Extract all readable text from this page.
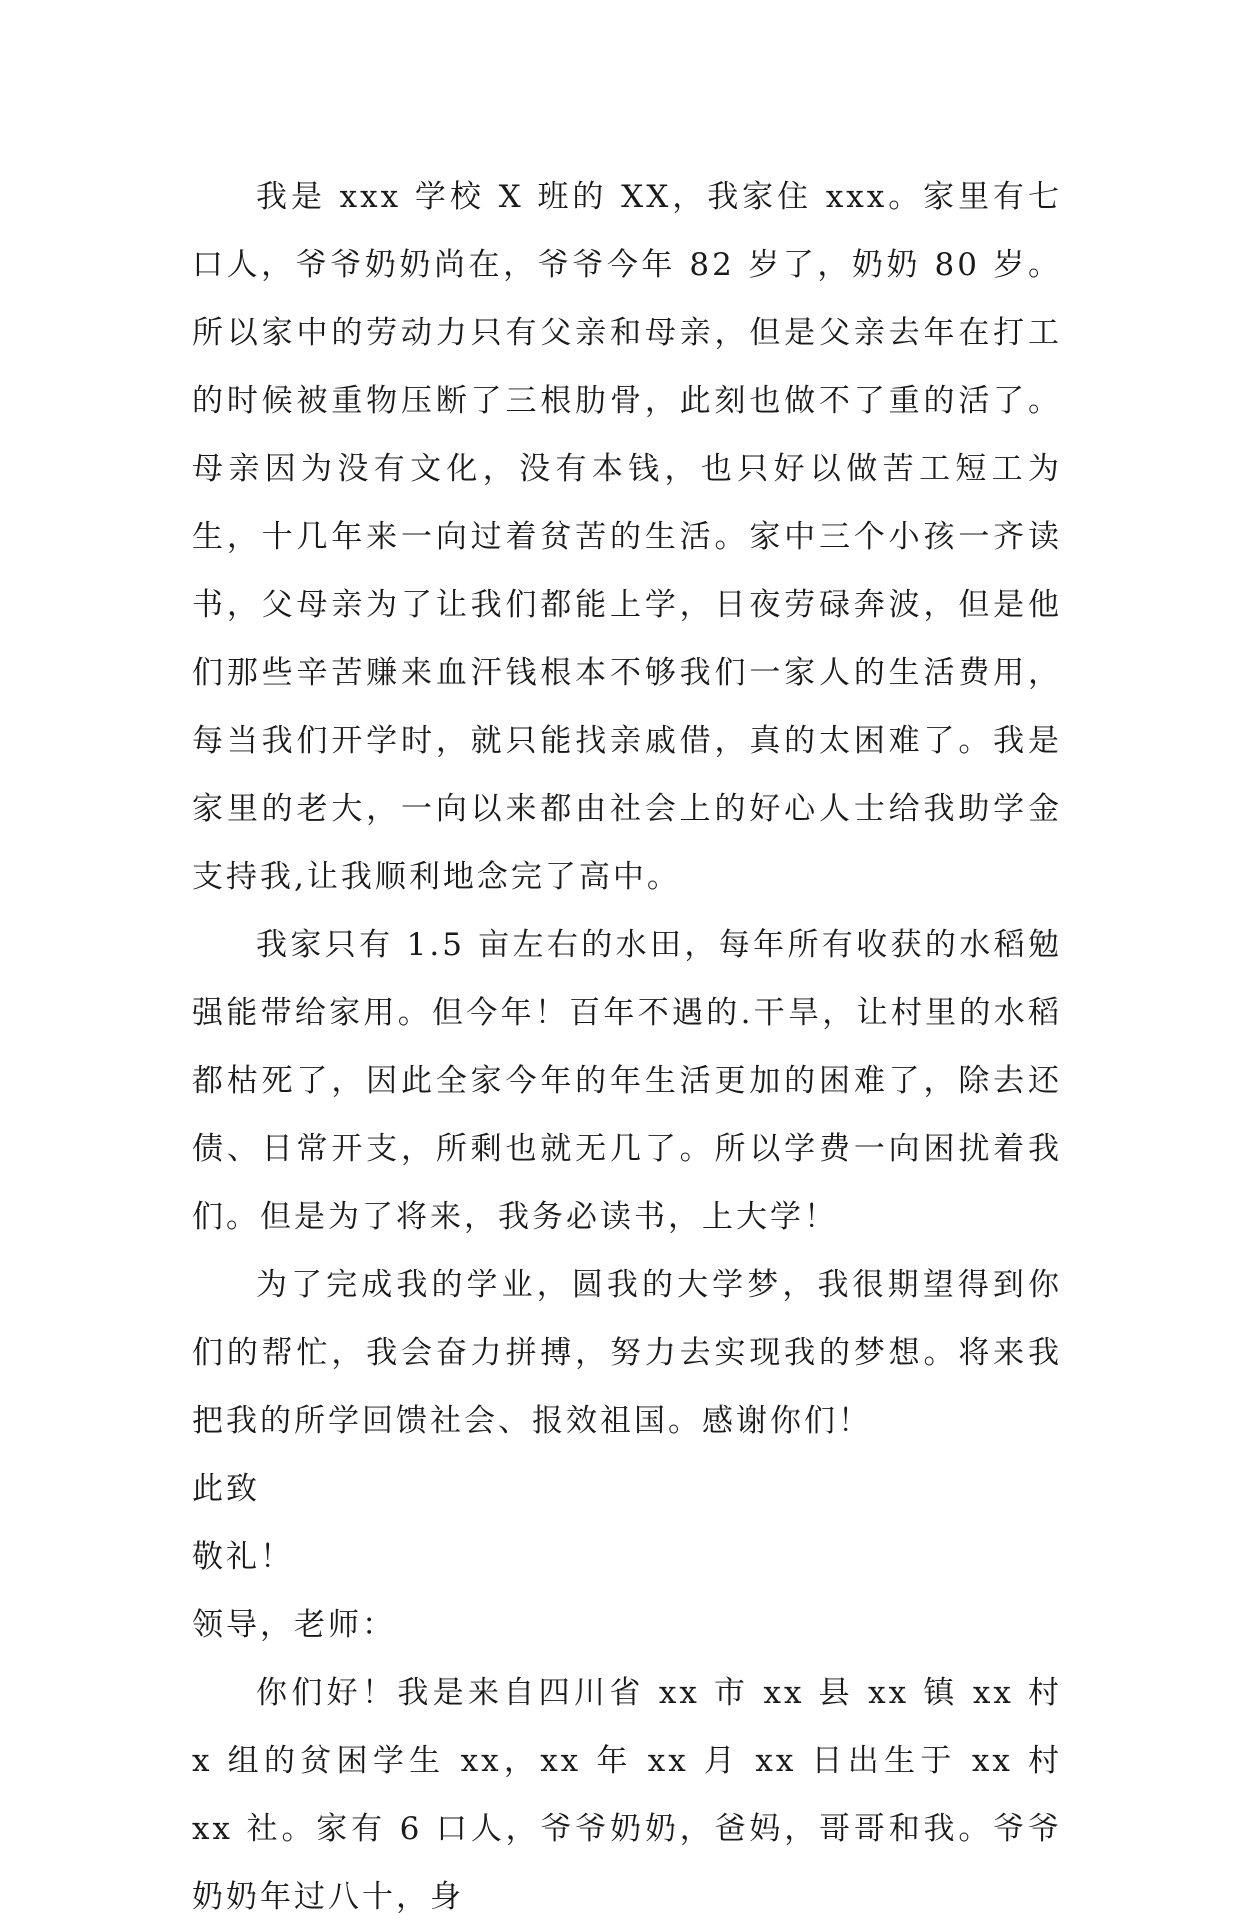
我是 xxx 学校 X 班的 XX，我家住 xxx。家里有七口人，爷爷奶奶尚在，爷爷今年 82 岁了，奶奶 80 岁。所以家中的劳动力只有父亲和母亲，但是父亲去年在打工的时候被重物压断了三根肋骨，此刻也做不了重的活了。母亲因为没有文化，没有本钱，也只好以做苦工短工为生，十几年来一向过着贫苦的生活。家中三个小孩一齐读书，父母亲为了让我们都能上学，日夜劳碌奔波，但是他们那些辛苦赚来血汗钱根本不够我们一家人的生活费用，每当我们开学时，就只能找亲戚借，真的太困难了。我是家里的老大，一向以来都由社会上的好心人士给我助学金支持我,让我顺利地念完了高中。

我家只有 1.5 亩左右的水田，每年所有收获的水稻勉强能带给家用。但今年！百年不遇的.干旱，让村里的水稻都枯死了，因此全家今年的年生活更加的困难了，除去还债、日常开支，所剩也就无几了。所以学费一向困扰着我们。但是为了将来，我务必读书，上大学！

为了完成我的学业，圆我的大学梦，我很期望得到你们的帮忙，我会奋力拼搏，努力去实现我的梦想。将来我把我的所学回馈社会、报效祖国。感谢你们！

此致

敬礼！

领导，老师：

你们好！我是来自四川省 xx 市 xx 县 xx 镇 xx 村 x 组的贫困学生 xx，xx 年 xx 月 xx 日出生于 xx 村 xx 社。家有 6 口人，爷爷奶奶，爸妈，哥哥和我。爷爷奶奶年过八十，身
